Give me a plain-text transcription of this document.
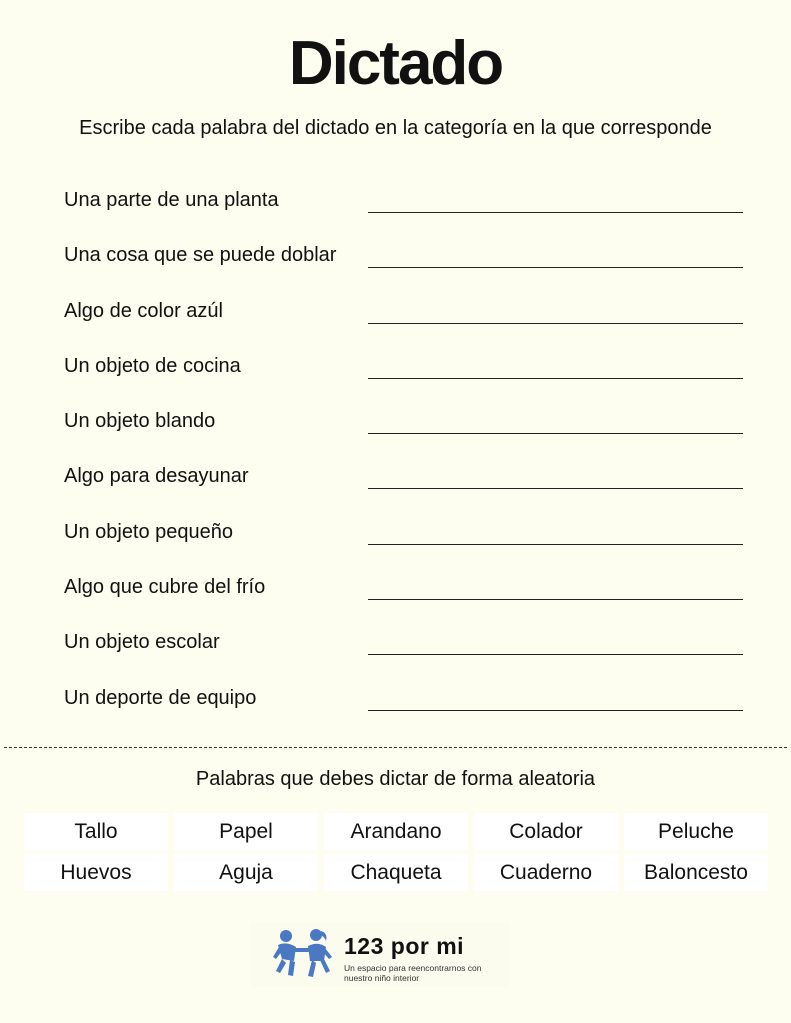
Dictado
Escribe cada palabra del dictado en la categoría en la que corresponde
Una parte de una planta
Una cosa que se puede doblar
Algo de color azúl
Un objeto de cocina
Un objeto blando
Algo para desayunar
Un objeto pequeño
Algo que cubre del frío
Un objeto escolar
Un deporte de equipo
Palabras que debes dictar de forma aleatoria
Tallo	Papel	Arandano	Colador	Peluche
Huevos	Aguja	Chaqueta	Cuaderno	Baloncesto
123 por mi
Un espacio para reencontrarnos con nuestro niño interior
